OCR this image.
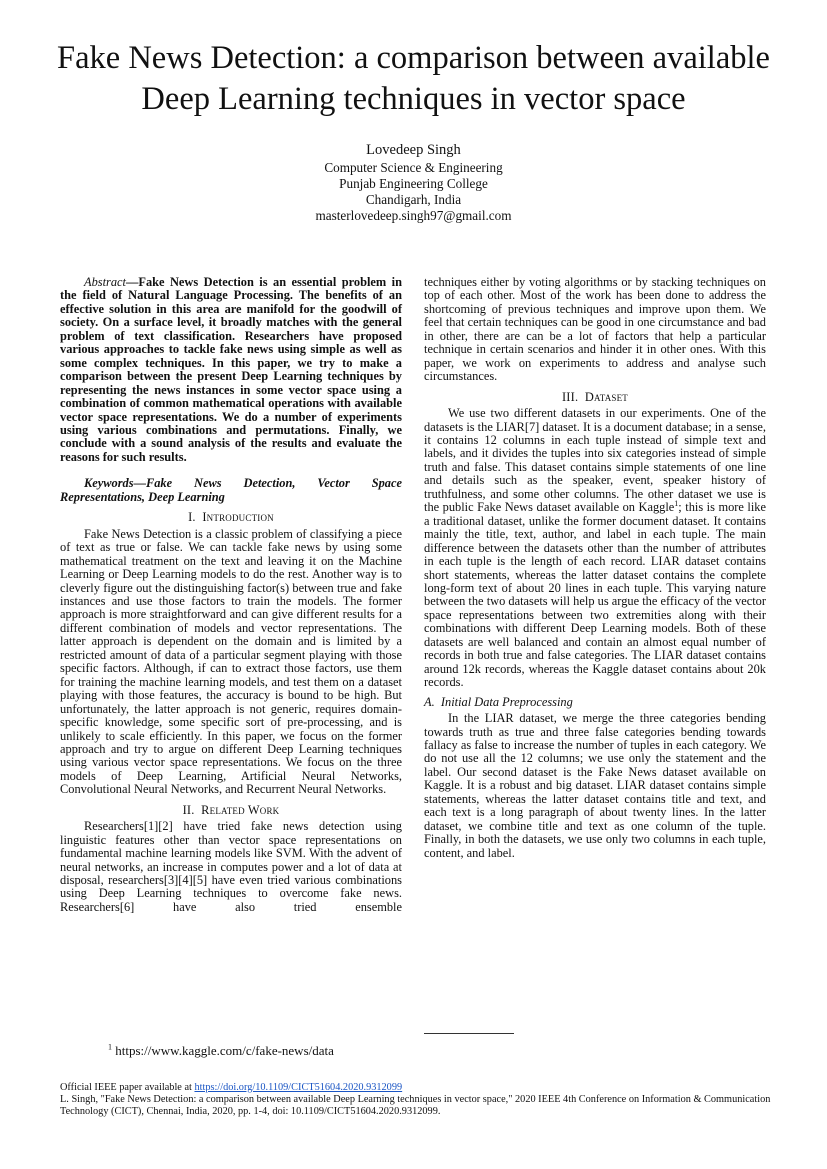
Fake News Detection: a comparison between available Deep Learning techniques in vector space
Lovedeep Singh
Computer Science & Engineering
Punjab Engineering College
Chandigarh, India
masterlovedeep.singh97@gmail.com

Abstract—Fake News Detection is an essential problem in the field of Natural Language Processing. The benefits of an effective solution in this area are manifold for the goodwill of society. On a surface level, it broadly matches with the general problem of text classification. Researchers have proposed various approaches to tackle fake news using simple as well as some complex techniques. In this paper, we try to make a comparison between the present Deep Learning techniques by representing the news instances in some vector space using a combination of common mathematical operations with available vector space representations. We do a number of experiments using various combinations and permutations. Finally, we conclude with a sound analysis of the results and evaluate the reasons for such results.

Keywords—Fake News Detection, Vector Space Representations, Deep Learning

I. Introduction

Fake News Detection is a classic problem of classifying a piece of text as true or false. We can tackle fake news by using some mathematical treatment on the text and leaving it on the Machine Learning or Deep Learning models to do the rest. Another way is to cleverly figure out the distinguishing factor(s) between true and fake instances and use those factors to train the models. The former approach is more straightforward and can give different results for a different combination of models and vector representations. The latter approach is dependent on the domain and is limited by a restricted amount of data of a particular segment playing with those specific factors. Although, if can to extract those factors, use them for training the machine learning models, and test them on a dataset playing with those features, the accuracy is bound to be high. But unfortunately, the latter approach is not generic, requires domain-specific knowledge, some specific sort of pre-processing, and is unlikely to scale efficiently. In this paper, we focus on the former approach and try to argue on different Deep Learning techniques using various vector space representations. We focus on the three models of Deep Learning, Artificial Neural Networks, Convolutional Neural Networks, and Recurrent Neural Networks.

II. Related Work

Researchers[1][2] have tried fake news detection using linguistic features other than vector space representations on fundamental machine learning models like SVM. With the advent of neural networks, an increase in computes power and a lot of data at disposal, researchers[3][4][5] have even tried various combinations using Deep Learning techniques to overcome fake news. Researchers[6] have also tried ensemble

techniques either by voting algorithms or by stacking techniques on top of each other. Most of the work has been done to address the shortcoming of previous techniques and improve upon them. We feel that certain techniques can be good in one circumstance and bad in other, there are can be a lot of factors that help a particular technique in certain scenarios and hinder it in other ones. With this paper, we work on experiments to address and analyse such circumstances.

III. Dataset

We use two different datasets in our experiments. One of the datasets is the LIAR[7] dataset. It is a document database; in a sense, it contains 12 columns in each tuple instead of simple text and labels, and it divides the tuples into six categories instead of simple truth and false. This dataset contains simple statements of one line and details such as the speaker, event, speaker history of truthfulness, and some other columns. The other dataset we use is the public Fake News dataset available on Kaggle$^1$; this is more like a traditional dataset, unlike the former document dataset. It contains mainly the title, text, author, and label in each tuple. The main difference between the datasets other than the number of attributes in each tuple is the length of each record. LIAR dataset contains short statements, whereas the latter dataset contains the complete long-form text of about 20 lines in each tuple. This varying nature between the two datasets will help us argue the efficacy of the vector space representations between two extremities along with their combinations with different Deep Learning models. Both of these datasets are well balanced and contain an almost equal number of records in both true and false categories. The LIAR dataset contains around 12k records, whereas the Kaggle dataset contains about 20k records.

A. Initial Data Preprocessing

In the LIAR dataset, we merge the three categories bending towards truth as true and three false categories bending towards fallacy as false to increase the number of tuples in each category. We do not use all the 12 columns; we use only the statement and the label. Our second dataset is the Fake News dataset available on Kaggle. It is a robust and big dataset. LIAR dataset contains simple statements, whereas the latter dataset contains title and text, and each text is a long paragraph of about twenty lines. In the latter dataset, we combine title and text as one column of the tuple. Finally, in both the datasets, we use only two columns in each tuple, content, and label.

$^1$ https://www.kaggle.com/c/fake-news/data
Official IEEE paper available at https://doi.org/10.1109/CICT51604.2020.9312099
L. Singh, "Fake News Detection: a comparison between available Deep Learning techniques in vector space," 2020 IEEE 4th Conference on Information & Communication Technology (CICT), Chennai, India, 2020, pp. 1-4, doi: 10.1109/CICT51604.2020.9312099.
